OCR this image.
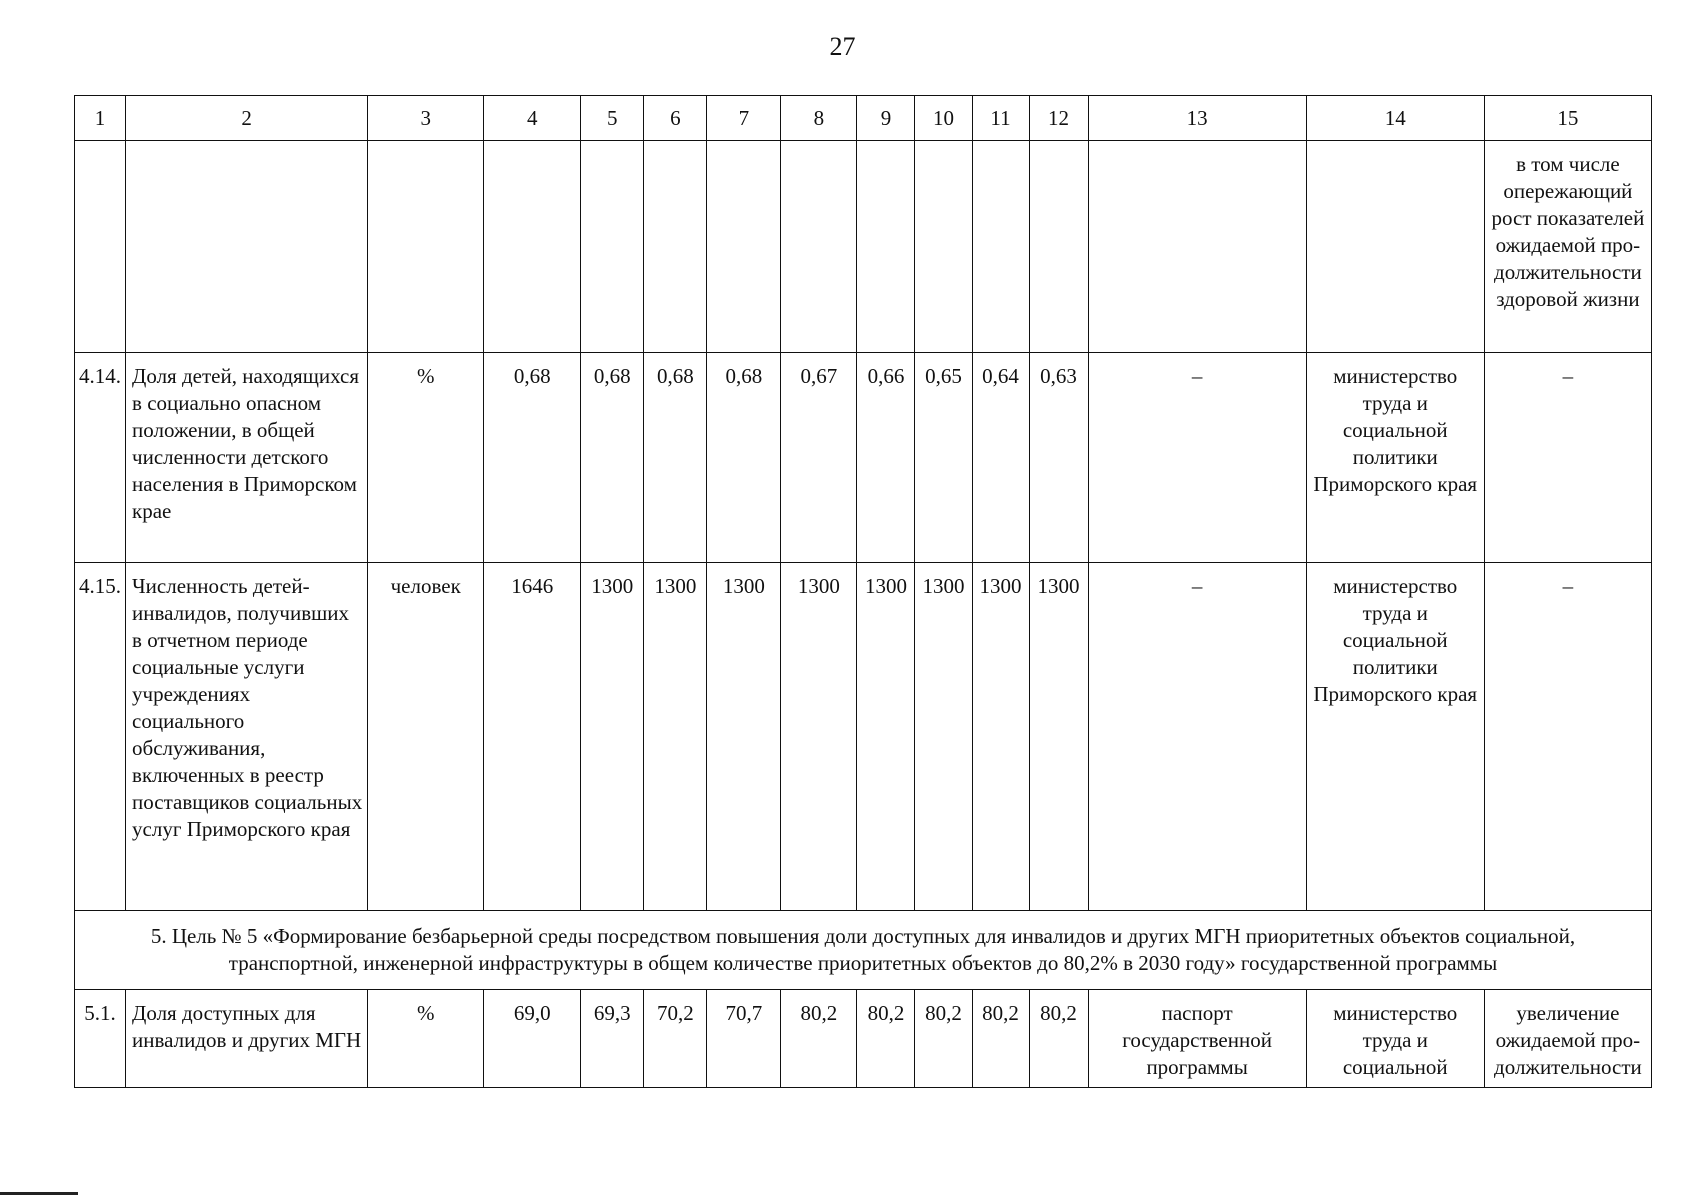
27
1	2	3	4	5	6	7	8	9	10	11	12	13	14	15
														в том числе опережающий рост показателей ожидаемой про-должительности здоровой жизни
4.14.	Доля детей, находящихся в социально опасном положении, в общей численности детского населения в Приморском крае	%	0,68	0,68	0,68	0,68	0,67	0,66	0,65	0,64	0,63	–	министерство труда и социальной политики Приморского края	–
4.15.	Численность детей-инвалидов, получивших в отчетном периоде социальные услуги учреждениях социального обслуживания, включенных в реестр поставщиков социальных услуг Приморского края	человек	1646	1300	1300	1300	1300	1300	1300	1300	1300	–	министерство труда и социальной политики Приморского края	–
5. Цель № 5 «Формирование безбарьерной среды посредством повышения доли доступных для инвалидов и других МГН приоритетных объектов социальной, транспортной, инженерной инфраструктуры в общем количестве приоритетных объектов до 80,2% в 2030 году» государственной программы														
5.1.	Доля доступных для инвалидов и других МГН	%	69,0	69,3	70,2	70,7	80,2	80,2	80,2	80,2	80,2	паспорт государственной программы	министерство труда и социальной	увеличение ожидаемой про-должительности
